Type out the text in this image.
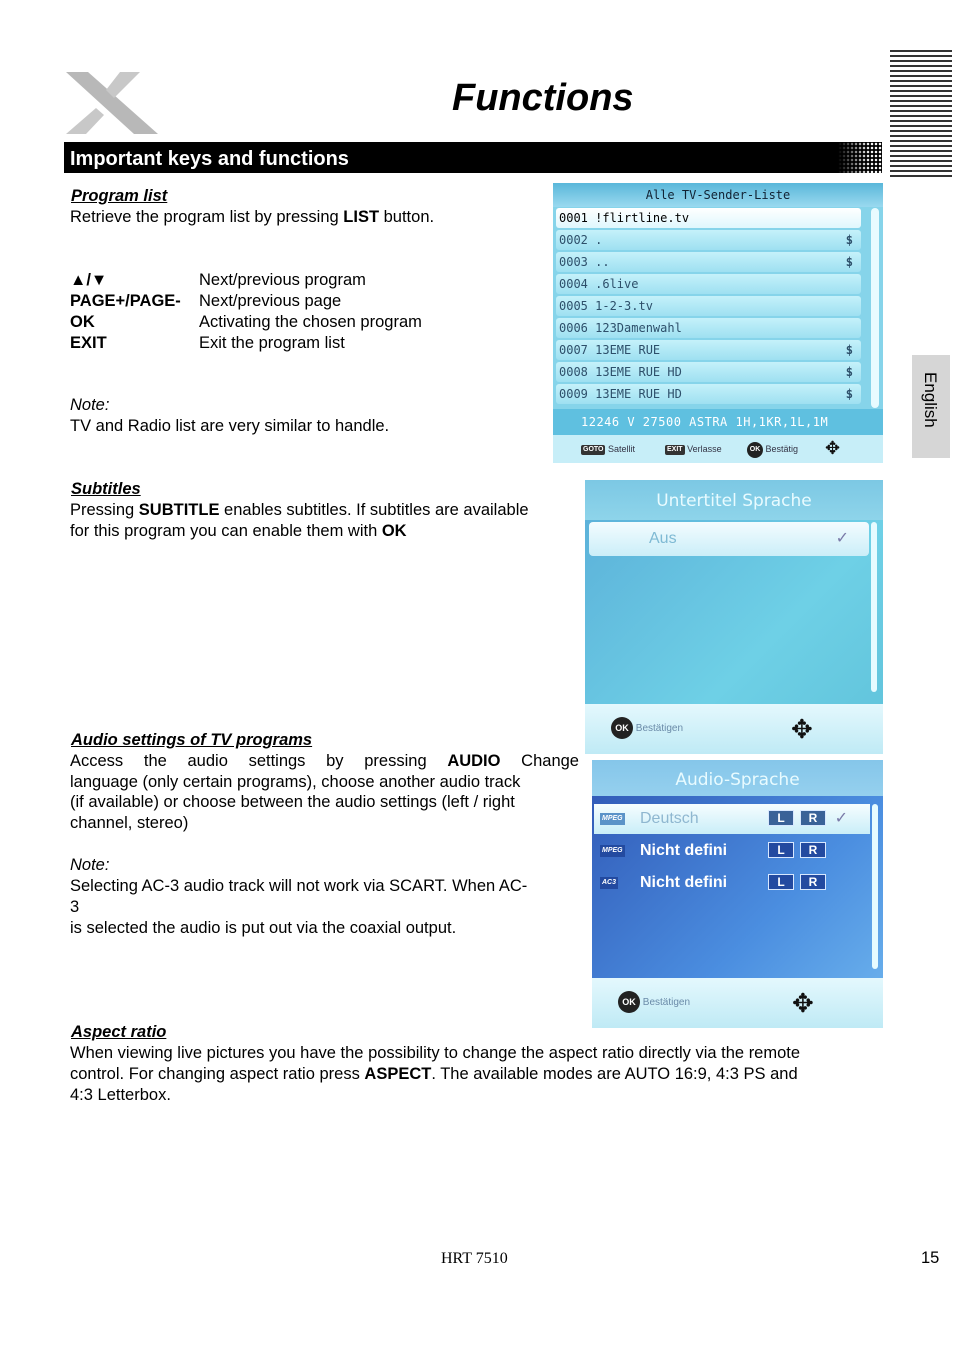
Functions
Important keys and functions
English
Program list
Retrieve the program list by pressing LIST button.
▲/▼	Next/previous program
PAGE+/PAGE- Next/previous page
OK	Activating the chosen program
EXIT	Exit the program list
Note:
TV and Radio list are very similar to handle.
Subtitles
Pressing SUBTITLE enables subtitles. If subtitles are available
for this program you can enable them with OK
Audio settings of TV programs
Access the audio settings by pressing AUDIO Change
language (only certain programs), choose another audio track
(if available) or choose between the audio settings (left / right
channel, stereo)
Note:
Selecting AC-3 audio track will not work via SCART. When AC-
3
is selected the audio is put out via the coaxial output.
Aspect ratio
When viewing live pictures you have the possibility to change the aspect ratio directly via the remote
control. For changing aspect ratio press ASPECT. The available modes are AUTO 16:9, 4:3 PS and
4:3 Letterbox.
Alle TV-Sender-Liste
0001 !flirtline.tv
0002 .	$
0003 ..	$
0004 .6live
0005 1-2-3.tv
0006 123Damenwahl
0007 13EME RUE	$
0008 13EME RUE HD	$
0009 13EME RUE HD	$
12246 V 27500 ASTRA 1H,1KR,1L,1M
GOTO Satellit	EXIT Verlasse	OK Bestätig ✥
Untertitel Sprache
Aus	✓
OK Bestätigen	✥
Audio-Sprache
MPEG Deutsch	L	R	✓
MPEG Nicht defini	L	R
AC3 Nicht defini	L	R
OK Bestätigen	✥
HRT 7510	15
